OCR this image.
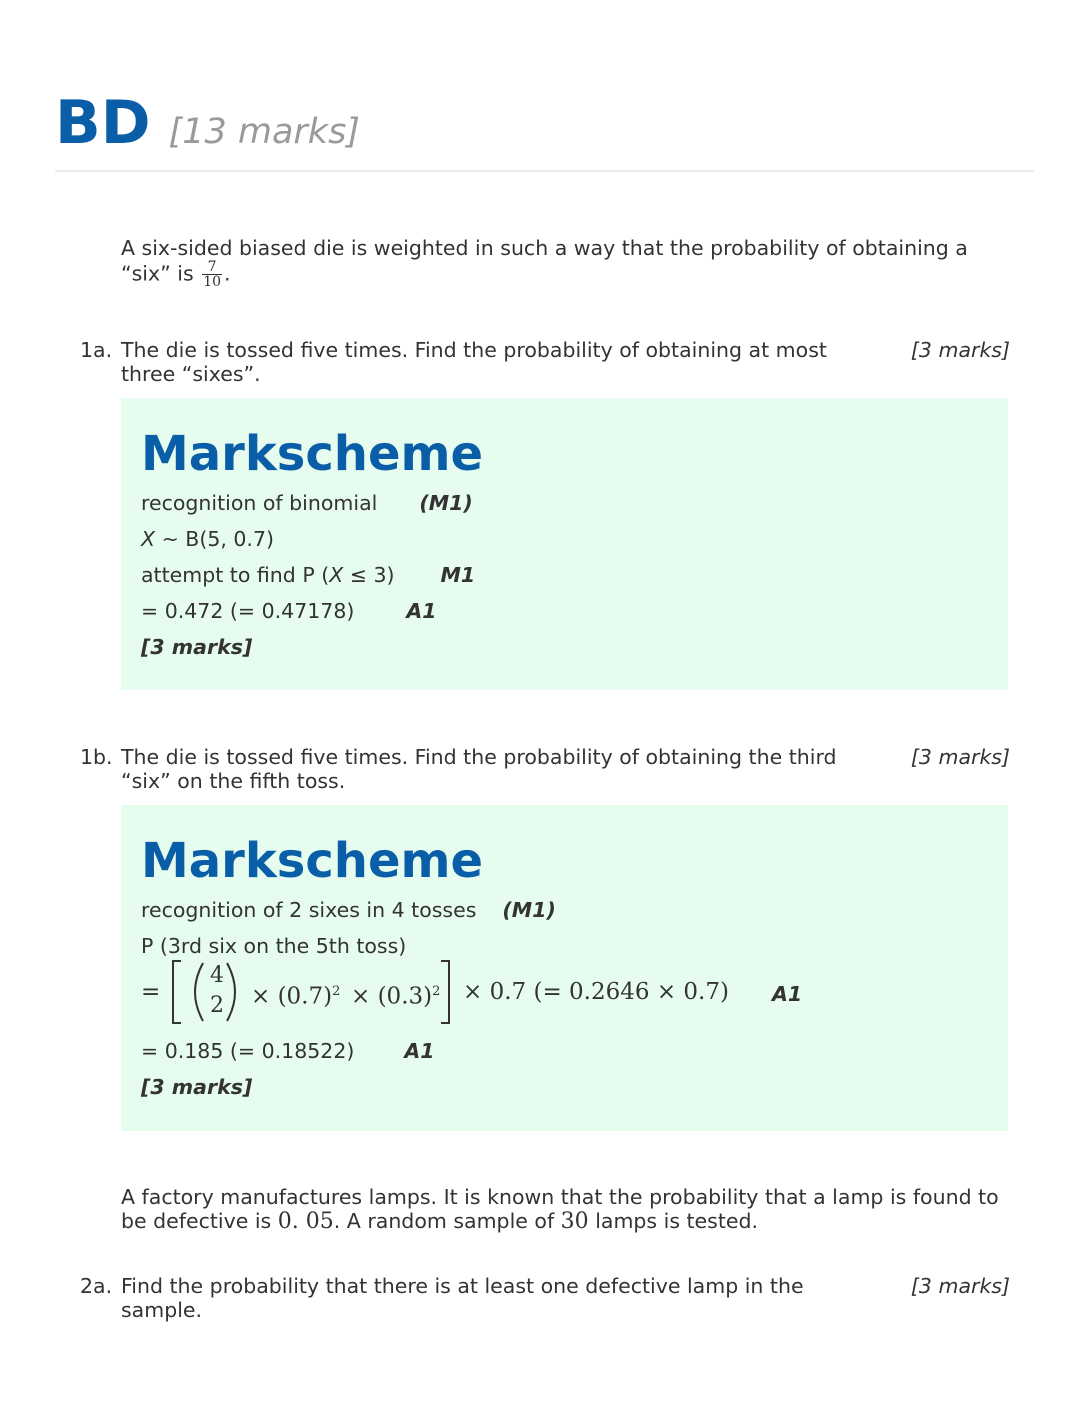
BD [13 marks]
A six-sided biased die is weighted in such a way that the probability of obtaining a “six” is $\frac{7}{10}$ .
1a. The die is tossed five times. Find the probability of obtaining at most three “sixes”.
[3 marks]
Markscheme
recognition of binomial (M1)
X ~ B(5, 0.7)
attempt to find P (X ≤ 3) M1
= 0.472 (= 0.47178)	A1
[3 marks]
1b. The die is tossed five times. Find the probability of obtaining the third “six” on the fifth toss.
[3 marks]
Markscheme
recognition of 2 sixes in 4 tosses (M1)
P (3rd six on the 5th toss)
=
4
$2 \times (0.7)^2 \times (0.3)^2 \times 0.7$ (= 0.2646 × 0.7) A1
= 0.185 (= 0.18522) A1
[3 marks]
A factory manufactures lamps. It is known that the probability that a lamp is found to be defective is 0. 05. A random sample of 30 lamps is tested.
2a. Find the probability that there is at least one defective lamp in the sample.
[3 marks]
